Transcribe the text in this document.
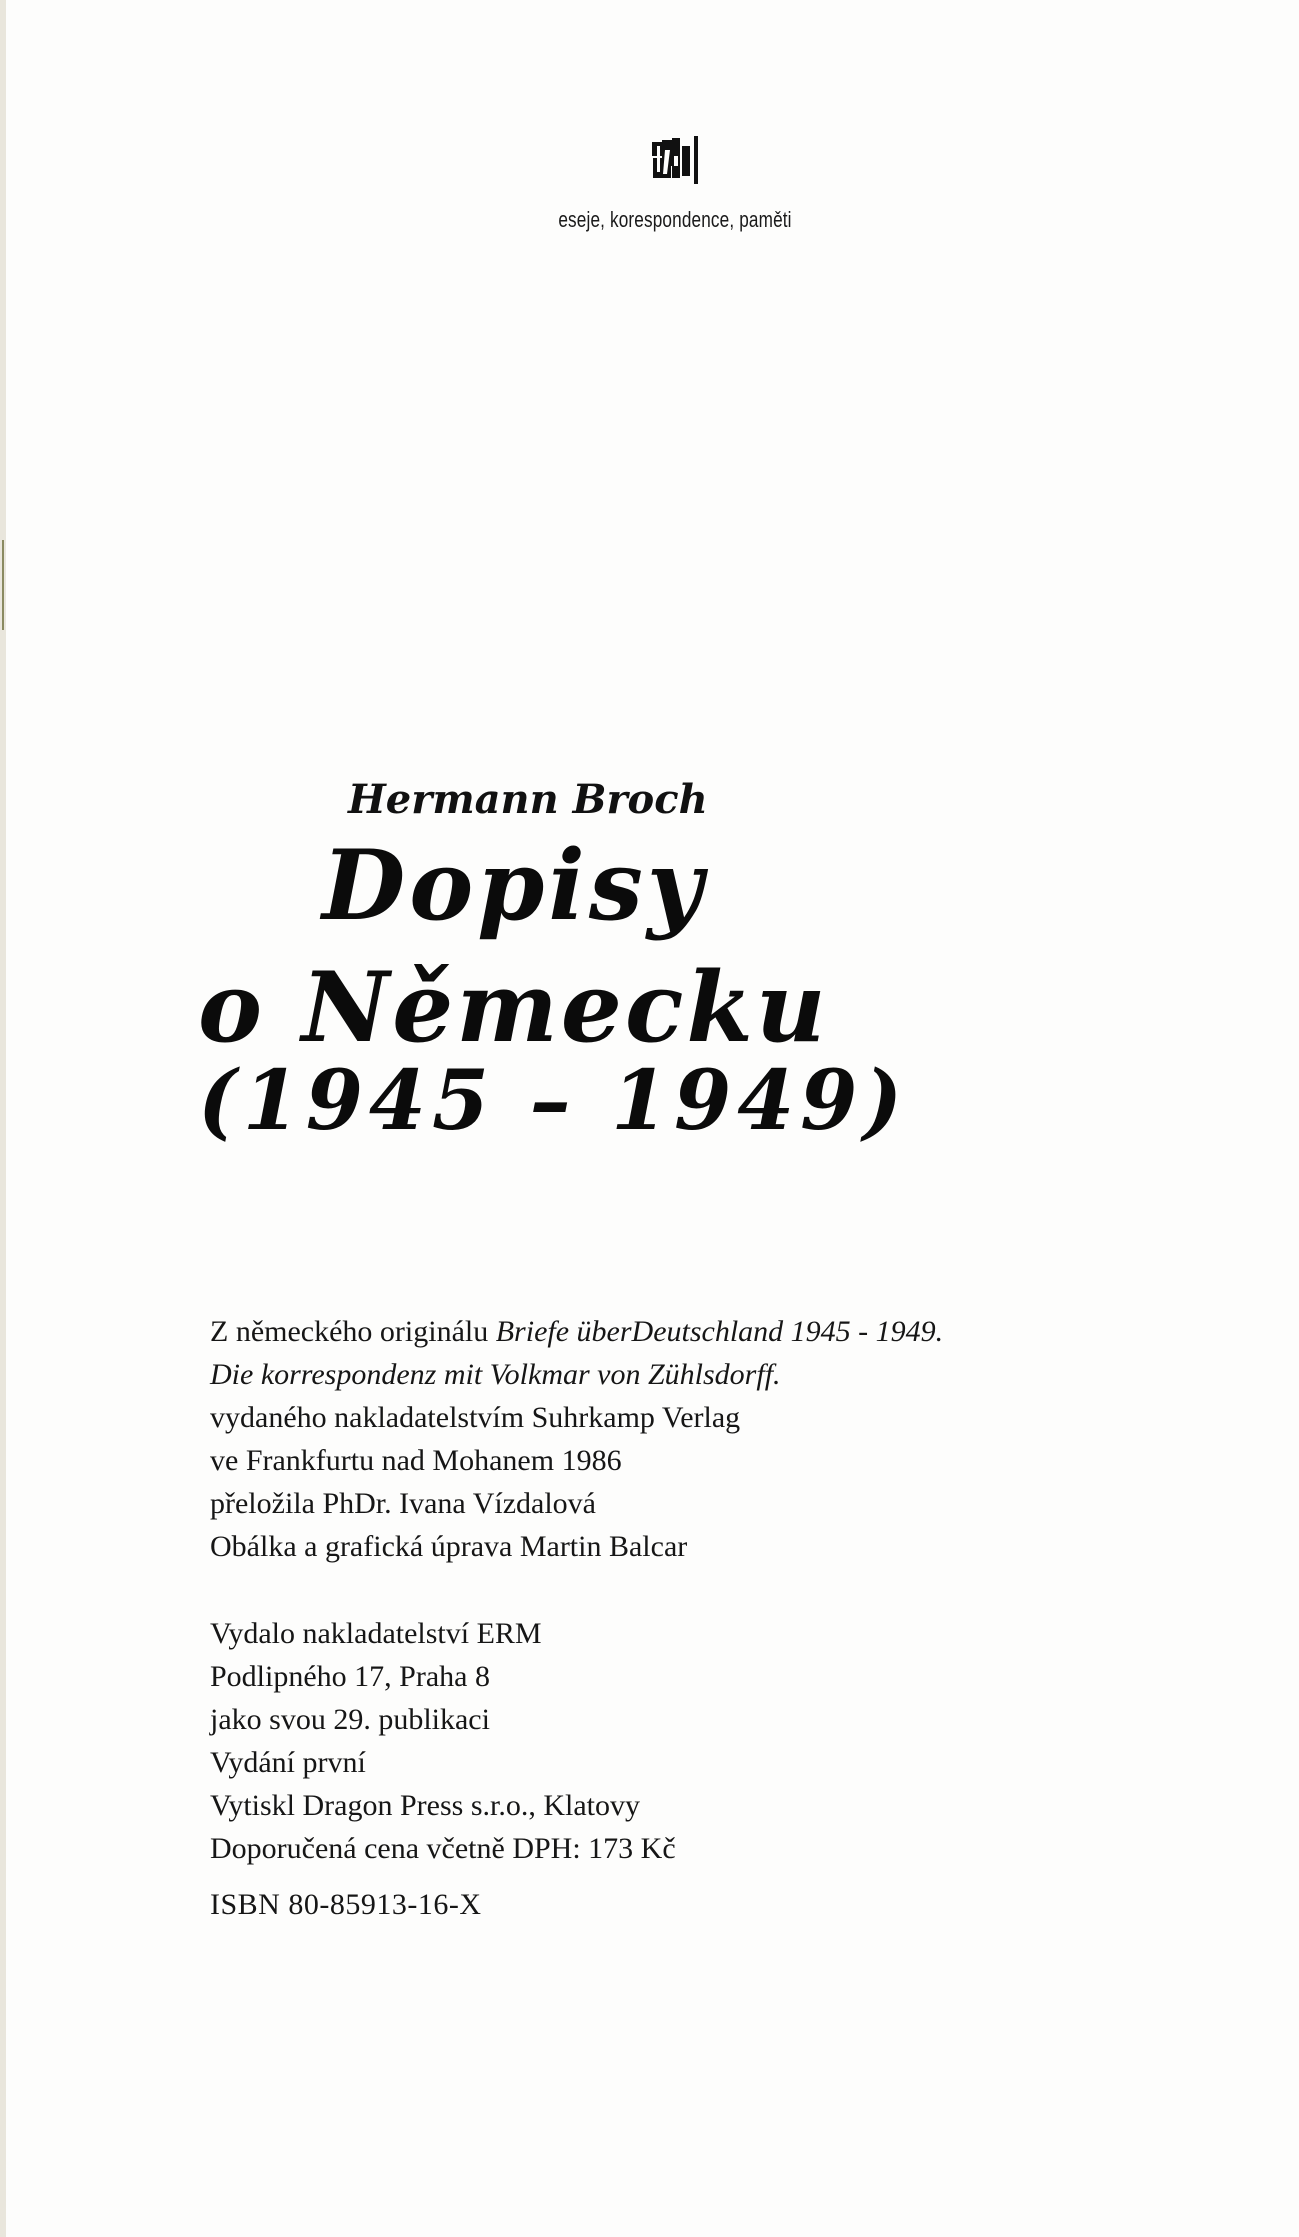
eseje, korespondence, paměti
Hermann Broch
Dopisy
o Německu
(1945 – 1949)
Z německého originálu Briefe überDeutschland 1945 - 1949.
Die korrespondenz mit Volkmar von Zühlsdorff.
vydaného nakladatelstvím Suhrkamp Verlag
ve Frankfurtu nad Mohanem 1986
přeložila PhDr. Ivana Vízdalová
Obálka a grafická úprava Martin Balcar
Vydalo nakladatelství ERM
Podlipného 17, Praha 8
jako svou 29. publikaci
Vydání první
Vytiskl Dragon Press s.r.o., Klatovy
Doporučená cena včetně DPH: 173 Kč
ISBN 80-85913-16-X
